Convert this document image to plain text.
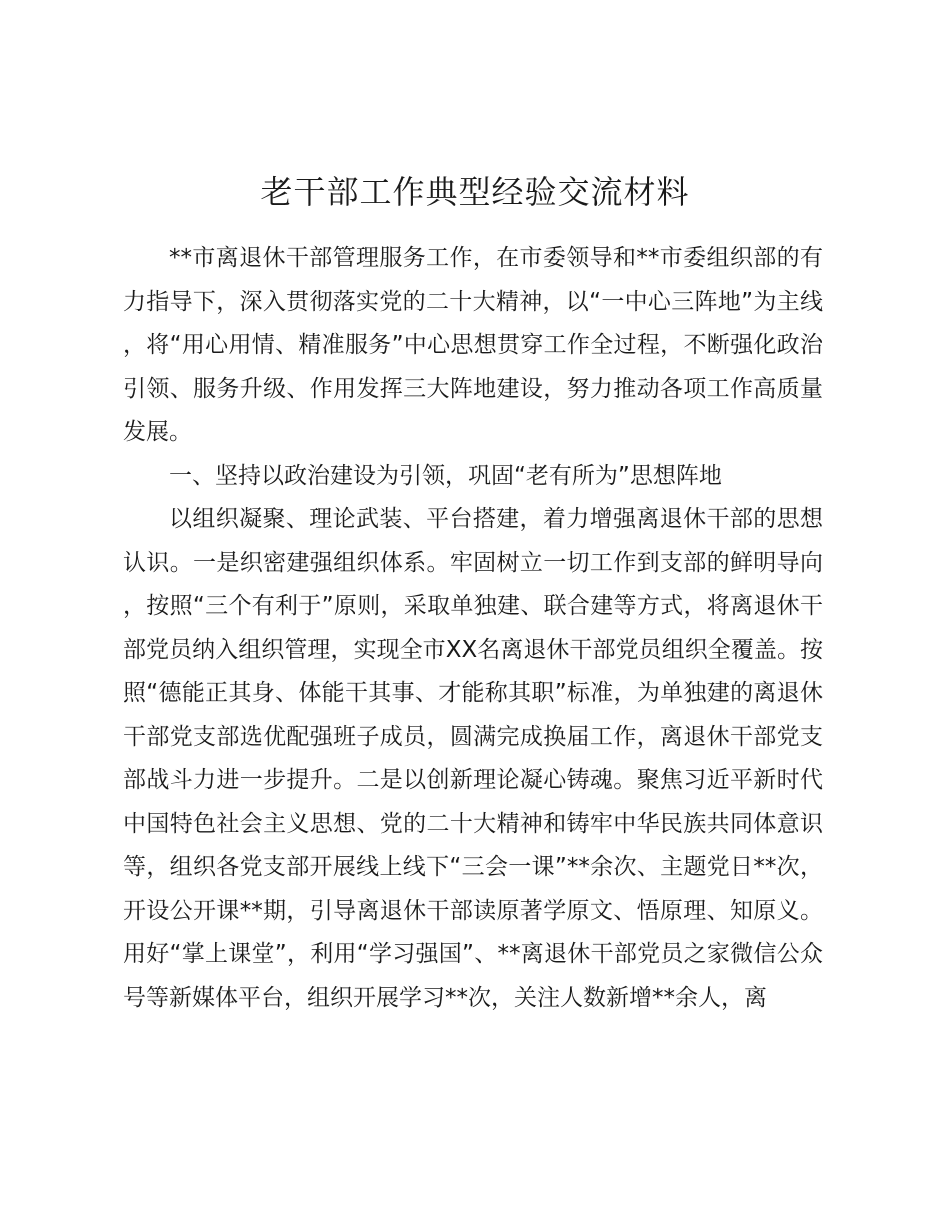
老干部工作典型经验交流材料

**市离退休干部管理服务工作，在市委领导和**市委组织部的有力指导下，深入贯彻落实党的二十大精神，以“一中心三阵地”为主线，将“用心用情、精准服务”中心思想贯穿工作全过程，不断强化政治引领、服务升级、作用发挥三大阵地建设，努力推动各项工作高质量发展。

一、坚持以政治建设为引领，巩固“老有所为”思想阵地

以组织凝聚、理论武装、平台搭建，着力增强离退休干部的思想认识。一是织密建强组织体系。牢固树立一切工作到支部的鲜明导向，按照“三个有利于”原则，采取单独建、联合建等方式，将离退休干部党员纳入组织管理，实现全市XX名离退休干部党员组织全覆盖。按照“德能正其身、体能干其事、才能称其职”标准，为单独建的离退休干部党支部选优配强班子成员，圆满完成换届工作，离退休干部党支部战斗力进一步提升。二是以创新理论凝心铸魂。聚焦习近平新时代中国特色社会主义思想、党的二十大精神和铸牢中华民族共同体意识等，组织各党支部开展线上线下“三会一课”**余次、主题党日**次，开设公开课**期，引导离退休干部读原著学原文、悟原理、知原义。用好“掌上课堂”，利用“学习强国”、**离退休干部党员之家微信公众号等新媒体平台，组织开展学习**次，关注人数新增**余人，离
